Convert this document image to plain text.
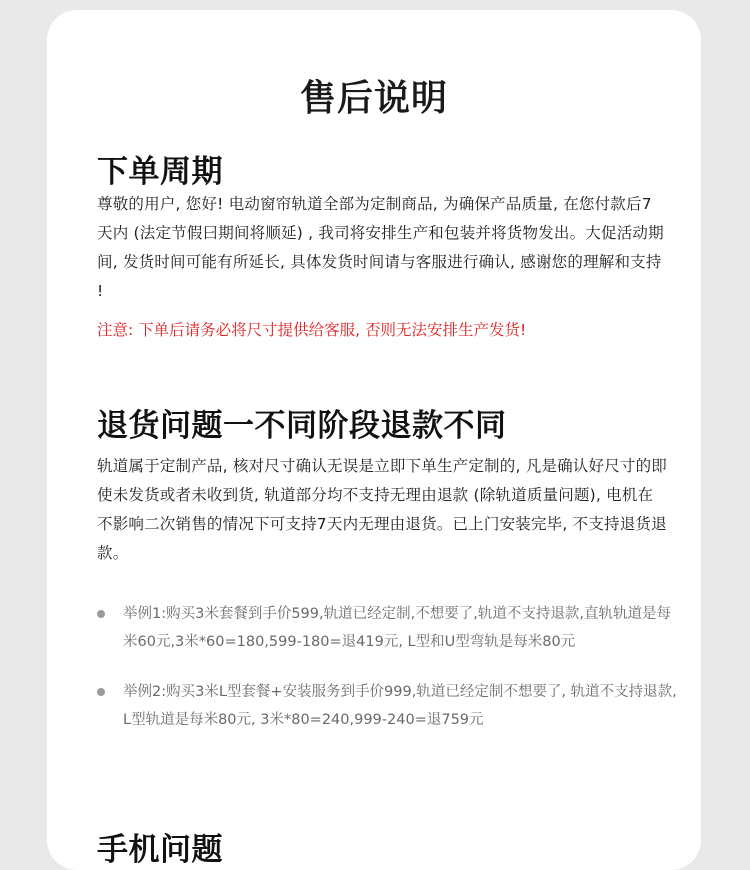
售后说明
下单周期
尊敬的用户, 您好! 电动窗帘轨道全部为定制商品, 为确保产品质量, 在您付款后7天内 (法定节假曰期间将顺延) , 我司将安排生产和包装并将货物发出。大促活动期间, 发货时间可能有所延长, 具体发货时间请与客服进行确认, 感谢您的理解和支持 !
注意: 下单后请务必将尺寸提供给客服, 否则无法安排生产发货!
退货问题一不同阶段退款不同
轨道属于定制产品, 核对尺寸确认无误是立即下单生产定制的, 凡是确认好尺寸的即使未发货或者未收到货, 轨道部分均不支持无理由退款 (除轨道质量问题), 电机在不影响二次销售的情况下可支持7天内无理由退货。已上门安装完毕, 不支持退货退款。
举例1:购买3米套餐到手价599,轨道已经定制,不想要了,轨道不支持退款,直轨轨道是每米60元,3米*60=180,599-180=退419元, L型和U型弯轨是每米80元
举例2:购买3米L型套餐+安装服务到手价999,轨道已经定制不想要了, 轨道不支持退款, L型轨道是每米80元, 3米*80=240,999-240=退759元
手机问题
